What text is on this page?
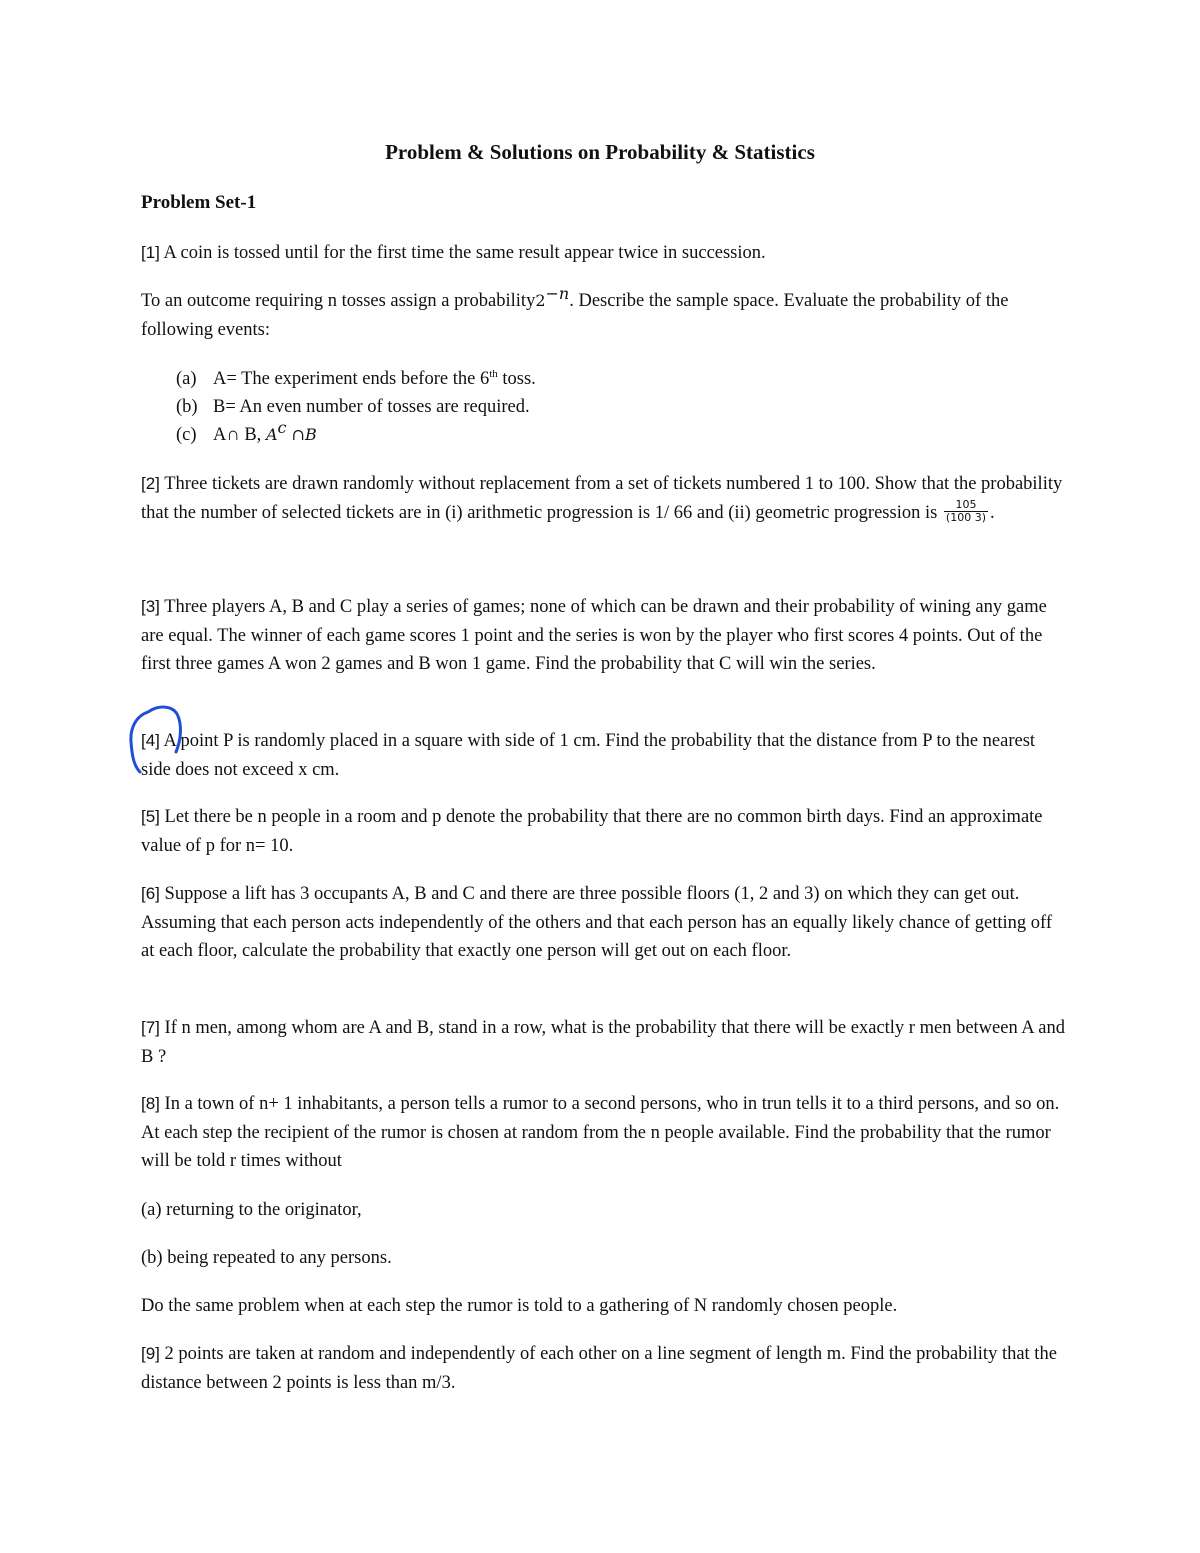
Problem & Solutions on Probability & Statistics
Problem Set-1
[1] A coin is tossed until for the first time the same result appear twice in succession.
To an outcome requiring n tosses assign a $probability2^{-n}$. Describe the sample space. Evaluate the probability of the following events:
(a) A= The experiment ends before the 6th toss.
(b) B= An even number of tosses are required.
(c) A∩ B, $A^c$ ∩B
[2] Three tickets are drawn randomly without replacement from a set of tickets numbered 1 to 100. Show that the probability that the number of selected tickets are in (i) arithmetic progression is 1/ 66 and (ii) geometric progression is $\frac{105}{(100 3)}$ .
[3] Three players A, B and C play a series of games; none of which can be drawn and their probability of wining any game are equal. The winner of each game scores 1 point and the series is won by the player who first scores 4 points. Out of the first three games A won 2 games and B won 1 game. Find the probability that C will win the series.
[4] A point P is randomly placed in a square with side of 1 cm. Find the probability that the distance from P to the nearest side does not exceed x cm.
[5] Let there be n people in a room and p denote the probability that there are no common birth days. Find an approximate value of p for n= 10.
[6] Suppose a lift has 3 occupants A, B and C and there are three possible floors (1, 2 and 3) on which they can get out. Assuming that each person acts independently of the others and that each person has an equally likely chance of getting off at each floor, calculate the probability that exactly one person will get out on each floor.
[7] If n men, among whom are A and B, stand in a row, what is the probability that there will be exactly r men between A and B ?
[8] In a town of n+ 1 inhabitants, a person tells a rumor to a second persons, who in trun tells it to a third persons, and so on. At each step the recipient of the rumor is chosen at random from the n people available. Find the probability that the rumor will be told r times without
(a) returning to the originator,
(b) being repeated to any persons.
Do the same problem when at each step the rumor is told to a gathering of N randomly chosen people.
[9] 2 points are taken at random and independently of each other on a line segment of length m. Find the probability that the distance between 2 points is less than m/3.
